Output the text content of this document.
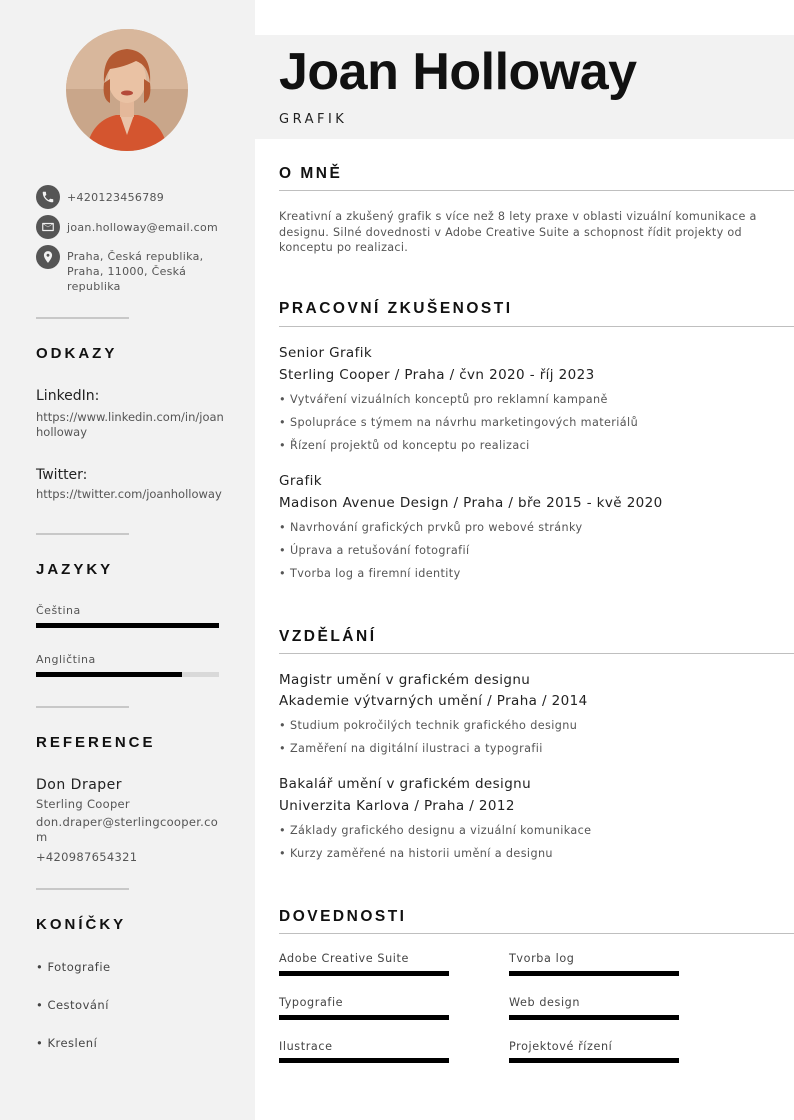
+420123456789
joan.holloway@email.com
Praha, Česká republika, Praha, 11000, Česká republika
ODKAZY
LinkedIn:
https://www.linkedin.com/in/joanholloway
Twitter:
https://twitter.com/joanholloway
JAZYKY
Čeština
Angličtina
REFERENCE
Don Draper
Sterling Cooper
don.draper@sterlingcooper.com
+420987654321
KONÍČKY
• Fotografie
• Cestování
• Kreslení
Joan Holloway
GRAFIK
O MNĚ
Kreativní a zkušený grafik s více než 8 lety praxe v oblasti vizuální komunikace a designu. Silné dovednosti v Adobe Creative Suite a schopnost řídit projekty od konceptu po realizaci.
PRACOVNÍ ZKUŠENOSTI
Senior Grafik
Sterling Cooper / Praha / čvn 2020 - říj 2023
• Vytváření vizuálních konceptů pro reklamní kampaně
• Spolupráce s týmem na návrhu marketingových materiálů
• Řízení projektů od konceptu po realizaci
Grafik
Madison Avenue Design / Praha / bře 2015 - kvě 2020
• Navrhování grafických prvků pro webové stránky
• Úprava a retušování fotografií
• Tvorba log a firemní identity
VZDĚLÁNÍ
Magistr umění v grafickém designu
Akademie výtvarných umění / Praha / 2014
• Studium pokročilých technik grafického designu
• Zaměření na digitální ilustraci a typografii
Bakalář umění v grafickém designu
Univerzita Karlova / Praha / 2012
• Základy grafického designu a vizuální komunikace
• Kurzy zaměřené na historii umění a designu
DOVEDNOSTI
Adobe Creative Suite	Tvorba log
Typografie	Web design
Ilustrace	Projektové řízení
